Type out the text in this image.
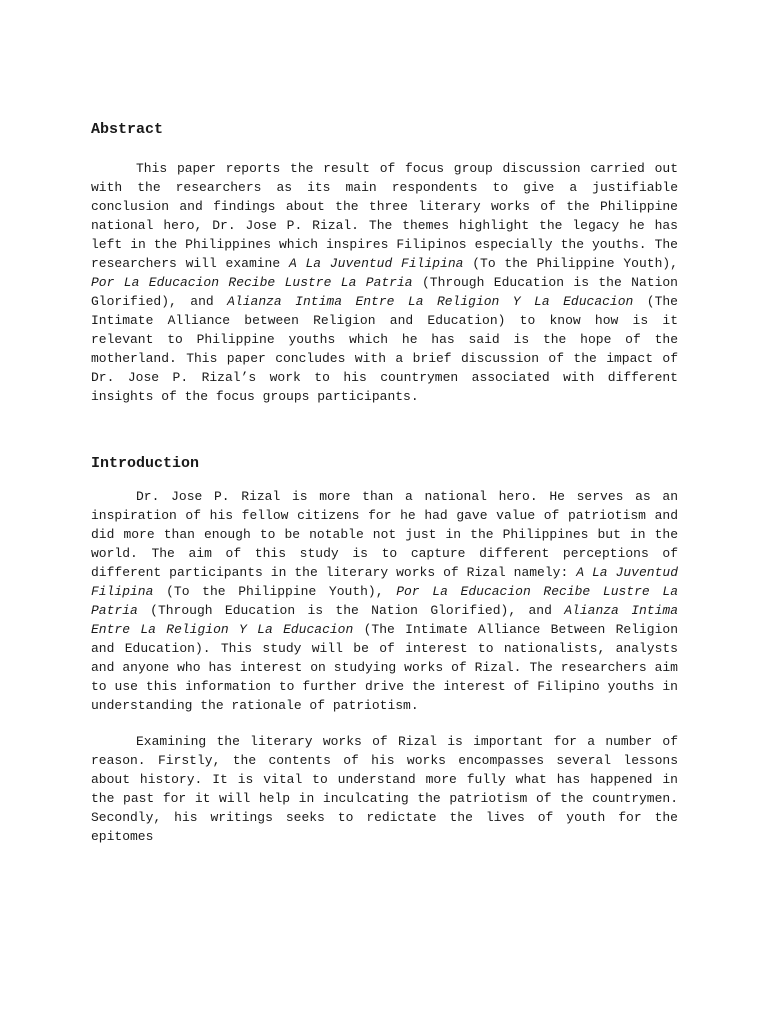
Abstract

This paper reports the result of focus group discussion carried out with the researchers as its main respondents to give a justifiable conclusion and findings about the three literary works of the Philippine national hero, Dr. Jose P. Rizal. The themes highlight the legacy he has left in the Philippines which inspires Filipinos especially the youths. The researchers will examine A La Juventud Filipina (To the Philippine Youth), Por La Educacion Recibe Lustre La Patria (Through Education is the Nation Glorified), and Alianza Intima Entre La Religion Y La Educacion (The Intimate Alliance between Religion and Education) to know how is it relevant to Philippine youths which he has said is the hope of the motherland. This paper concludes with a brief discussion of the impact of Dr. Jose P. Rizal’s work to his countrymen associated with different insights of the focus groups participants.

Introduction

Dr. Jose P. Rizal is more than a national hero. He serves as an inspiration of his fellow citizens for he had gave value of patriotism and did more than enough to be notable not just in the Philippines but in the world. The aim of this study is to capture different perceptions of different participants in the literary works of Rizal namely: A La Juventud Filipina (To the Philippine Youth), Por La Educacion Recibe Lustre La Patria (Through Education is the Nation Glorified), and Alianza Intima Entre La Religion Y La Educacion (The Intimate Alliance Between Religion and Education). This study will be of interest to nationalists, analysts and anyone who has interest on studying works of Rizal. The researchers aim to use this information to further drive the interest of Filipino youths in understanding the rationale of patriotism.

Examining the literary works of Rizal is important for a number of reason. Firstly, the contents of his works encompasses several lessons about history. It is vital to understand more fully what has happened in the past for it will help in inculcating the patriotism of the countrymen. Secondly, his writings seeks to redictate the lives of youth for the epitomes
